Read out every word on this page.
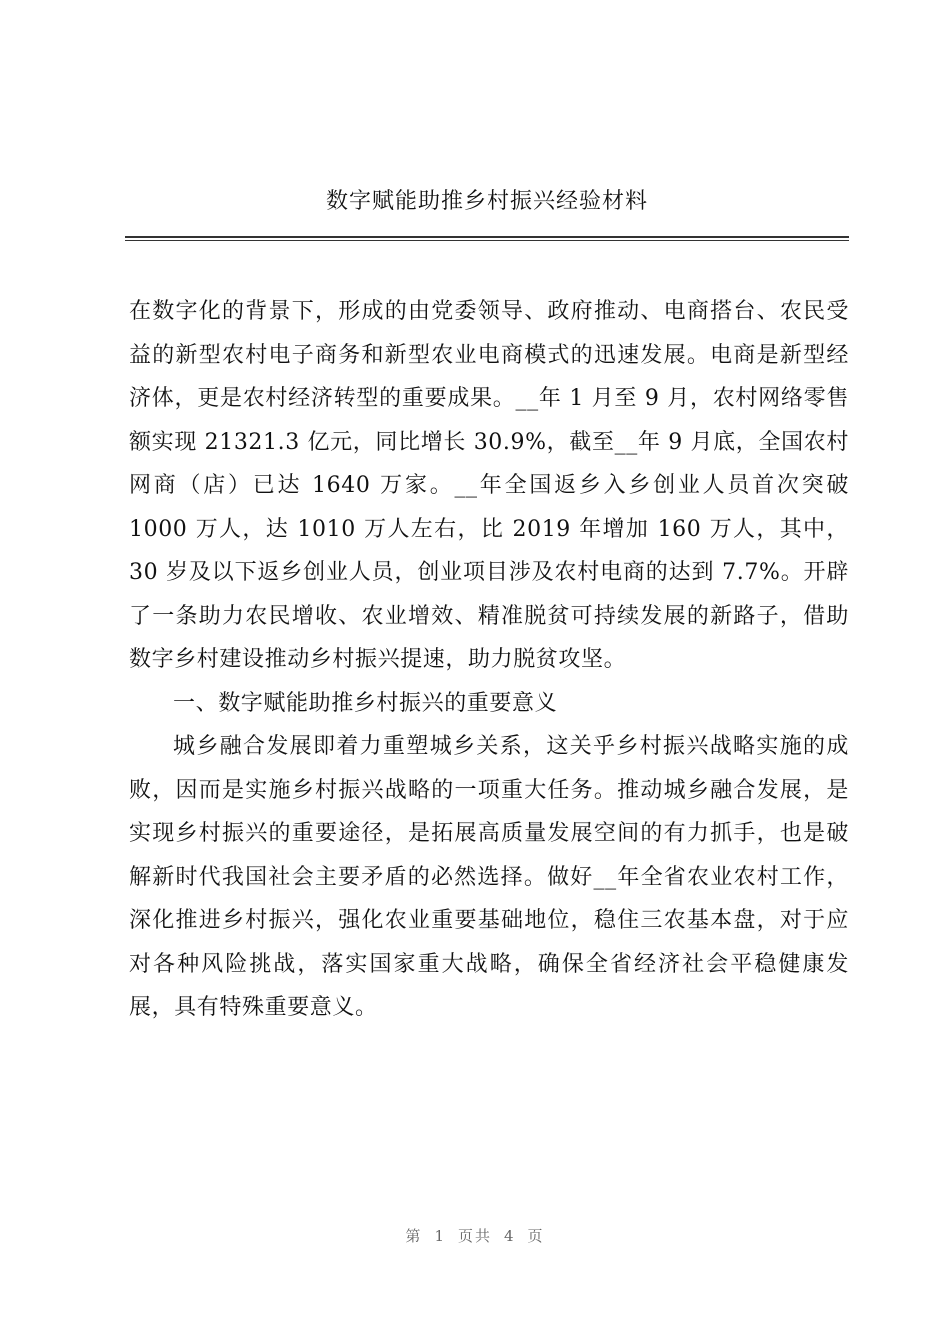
数字赋能助推乡村振兴经验材料

在数字化的背景下，形成的由党委领导、政府推动、电商搭台、农民受益的新型农村电子商务和新型农业电商模式的迅速发展。电商是新型经济体，更是农村经济转型的重要成果。__年 1 月至 9 月，农村网络零售额实现 21321.3 亿元，同比增长 30.9%，截至__年 9 月底，全国农村网商（店）已达 1640 万家。__年全国返乡入乡创业人员首次突破 1000 万人，达 1010 万人左右，比 2019 年增加 160 万人，其中，30 岁及以下返乡创业人员，创业项目涉及农村电商的达到 7.7%。开辟了一条助力农民增收、农业增效、精准脱贫可持续发展的新路子，借助数字乡村建设推动乡村振兴提速，助力脱贫攻坚。

一、数字赋能助推乡村振兴的重要意义

城乡融合发展即着力重塑城乡关系，这关乎乡村振兴战略实施的成败，因而是实施乡村振兴战略的一项重大任务。推动城乡融合发展，是实现乡村振兴的重要途径，是拓展高质量发展空间的有力抓手，也是破解新时代我国社会主要矛盾的必然选择。做好__年全省农业农村工作，深化推进乡村振兴，强化农业重要基础地位，稳住三农基本盘，对于应对各种风险挑战，落实国家重大战略，确保全省经济社会平稳健康发展，具有特殊重要意义。

第 1 页共 4 页
